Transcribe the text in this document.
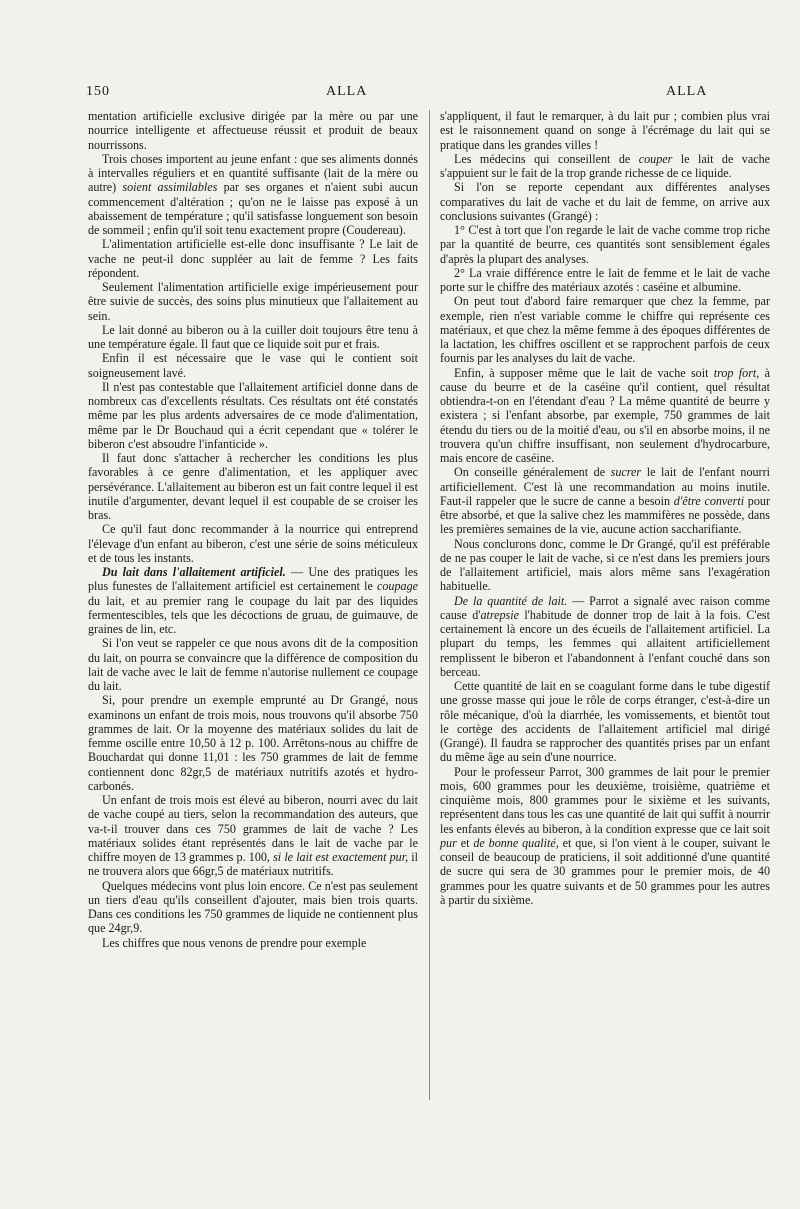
150	ALLA	ALLA

mentation artificielle exclusive dirigée par la mère ou par une nourrice intelligente et affectueuse réussit et produit de beaux nourrissons.

Trois choses importent au jeune enfant : que ses aliments donnés à intervalles réguliers et en quantité suffisante (lait de la mère ou autre) soient assimilables par ses organes et n'aient subi aucun commencement d'altération ; qu'on ne le laisse pas exposé à un abaissement de température ; qu'il satisfasse longuement son besoin de sommeil ; enfin qu'il soit tenu exactement propre (Coudereau).

L'alimentation artificielle est-elle donc insuffisante ? Le lait de vache ne peut-il donc suppléer au lait de femme ? Les faits répondent.

Seulement l'alimentation artificielle exige impérieusement pour être suivie de succès, des soins plus minutieux que l'allaitement au sein.

Le lait donné au biberon ou à la cuiller doit toujours être tenu à une température égale. Il faut que ce liquide soit pur et frais.

Enfin il est nécessaire que le vase qui le contient soit soigneusement lavé.

Il n'est pas contestable que l'allaitement artificiel donne dans de nombreux cas d'excellents résultats. Ces résultats ont été constatés même par les plus ardents adversaires de ce mode d'alimentation, même par le Dr Bouchaud qui a écrit cependant que « tolérer le biberon c'est absoudre l'infanticide ».

Il faut donc s'attacher à rechercher les conditions les plus favorables à ce genre d'alimentation, et les appliquer avec persévérance. L'allaitement au biberon est un fait contre lequel il est inutile d'argumenter, devant lequel il est coupable de se croiser les bras.

Ce qu'il faut donc recommander à la nourrice qui entreprend l'élevage d'un enfant au biberon, c'est une série de soins méticuleux et de tous les instants.

Du lait dans l'allaitement artificiel. — Une des pratiques les plus funestes de l'allaitement artificiel est certainement le coupage du lait, et au premier rang le coupage du lait par des liquides fermentescibles, tels que les décoctions de gruau, de guimauve, de graines de lin, etc.

Si l'on veut se rappeler ce que nous avons dit de la composition du lait, on pourra se convaincre que la différence de composition du lait de vache avec le lait de femme n'autorise nullement ce coupage du lait.

Si, pour prendre un exemple emprunté au Dr Grangé, nous examinons un enfant de trois mois, nous trouvons qu'il absorbe 750 grammes de lait. Or la moyenne des matériaux solides du lait de femme oscille entre 10,50 à 12 p. 100. Arrêtons-nous au chiffre de Bouchardat qui donne 11,01 : les 750 grammes de lait de femme contiennent donc 82gr,5 de matériaux nutritifs azotés et hydro-carbonés.

Un enfant de trois mois est élevé au biberon, nourri avec du lait de vache coupé au tiers, selon la recommandation des auteurs, que va-t-il trouver dans ces 750 grammes de lait de vache ? Les matériaux solides étant représentés dans le lait de vache par le chiffre moyen de 13 grammes p. 100, si le lait est exactement pur, il ne trouvera alors que 66gr,5 de matériaux nutritifs.

Quelques médecins vont plus loin encore. Ce n'est pas seulement un tiers d'eau qu'ils conseillent d'ajouter, mais bien trois quarts. Dans ces conditions les 750 grammes de liquide ne contiennent plus que 24gr,9.

Les chiffres que nous venons de prendre pour exemple

s'appliquent, il faut le remarquer, à du lait pur ; combien plus vrai est le raisonnement quand on songe à l'écrémage du lait qui se pratique dans les grandes villes !

Les médecins qui conseillent de couper le lait de vache s'appuient sur le fait de la trop grande richesse de ce liquide.

Si l'on se reporte cependant aux différentes analyses comparatives du lait de vache et du lait de femme, on arrive aux conclusions suivantes (Grangé) :

1° C'est à tort que l'on regarde le lait de vache comme trop riche par la quantité de beurre, ces quantités sont sensiblement égales d'après la plupart des analyses.

2° La vraie différence entre le lait de femme et le lait de vache porte sur le chiffre des matériaux azotés : caséine et albumine.

On peut tout d'abord faire remarquer que chez la femme, par exemple, rien n'est variable comme le chiffre qui représente ces matériaux, et que chez la même femme à des époques différentes de la lactation, les chiffres oscillent et se rapprochent parfois de ceux fournis par les analyses du lait de vache.

Enfin, à supposer même que le lait de vache soit trop fort, à cause du beurre et de la caséine qu'il contient, quel résultat obtiendra-t-on en l'étendant d'eau ? La même quantité de beurre y existera ; si l'enfant absorbe, par exemple, 750 grammes de lait étendu du tiers ou de la moitié d'eau, ou s'il en absorbe moins, il ne trouvera qu'un chiffre insuffisant, non seulement d'hydrocarbure, mais encore de caséine.

On conseille généralement de sucrer le lait de l'enfant nourri artificiellement. C'est là une recommandation au moins inutile. Faut-il rappeler que le sucre de canne a besoin d'être converti pour être absorbé, et que la salive chez les mammifères ne possède, dans les premières semaines de la vie, aucune action saccharifiante.

Nous conclurons donc, comme le Dr Grangé, qu'il est préférable de ne pas couper le lait de vache, si ce n'est dans les premiers jours de l'allaitement artificiel, mais alors même sans l'exagération habituelle.

De la quantité de lait. — Parrot a signalé avec raison comme cause d'atrepsie l'habitude de donner trop de lait à la fois. C'est certainement là encore un des écueils de l'allaitement artificiel. La plupart du temps, les femmes qui allaitent artificiellement remplissent le biberon et l'abandonnent à l'enfant couché dans son berceau.

Cette quantité de lait en se coagulant forme dans le tube digestif une grosse masse qui joue le rôle de corps étranger, c'est-à-dire un rôle mécanique, d'où la diarrhée, les vomissements, et bientôt tout le cortège des accidents de l'allaitement artificiel mal dirigé (Grangé). Il faudra se rapprocher des quantités prises par un enfant du même âge au sein d'une nourrice.

Pour le professeur Parrot, 300 grammes de lait pour le premier mois, 600 grammes pour les deuxième, troisième, quatrième et cinquième mois, 800 grammes pour le sixième et les suivants, représentent dans tous les cas une quantité de lait qui suffit à nourrir les enfants élevés au biberon, à la condition expresse que ce lait soit pur et de bonne qualité, et que, si l'on vient à le couper, suivant le conseil de beaucoup de praticiens, il soit additionné d'une quantité de sucre qui sera de 30 grammes pour le premier mois, de 40 grammes pour les quatre suivants et de 50 grammes pour les autres à partir du sixième.
